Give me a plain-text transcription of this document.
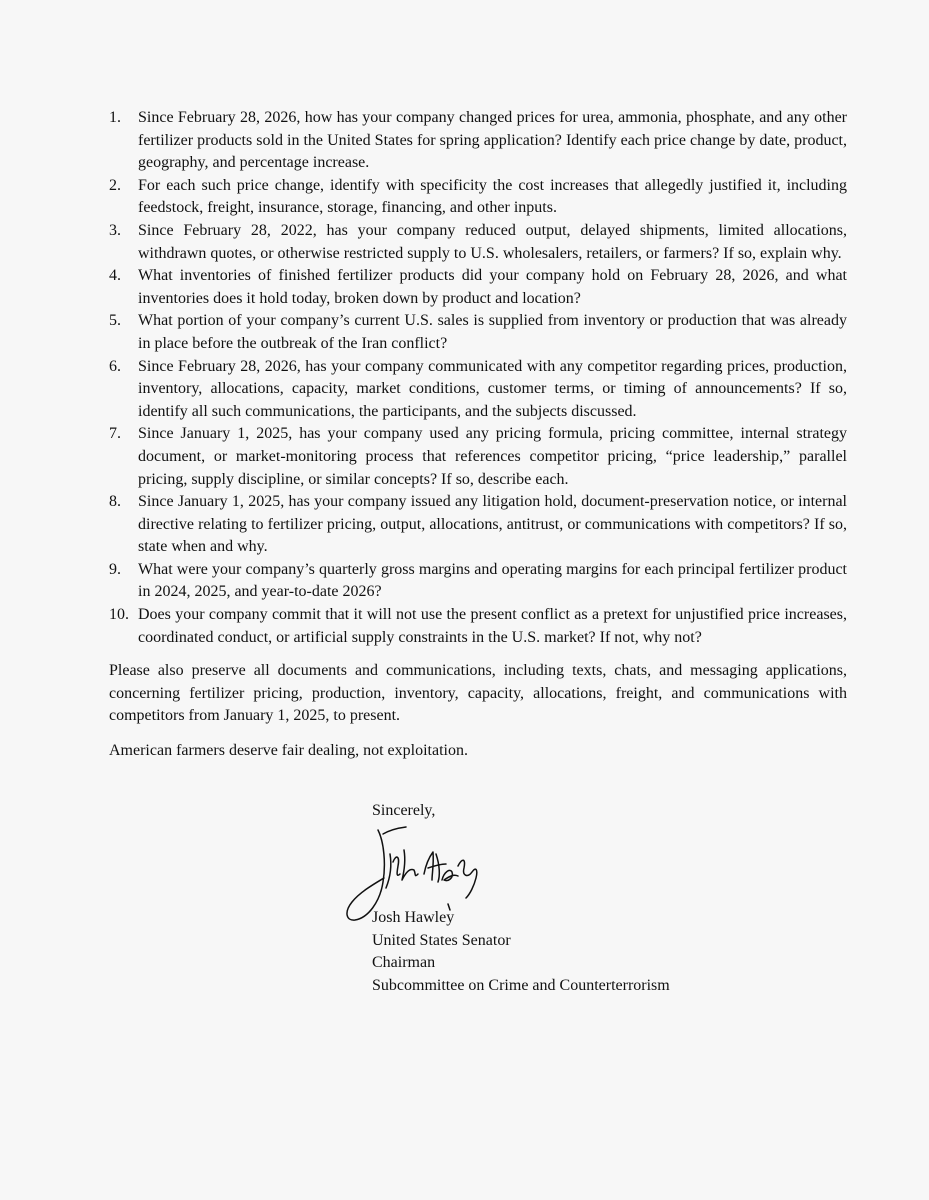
1.	Since February 28, 2026, how has your company changed prices for urea, ammonia, phosphate, and any other fertilizer products sold in the United States for spring application? Identify each price change by date, product, geography, and percentage increase.
2.	For each such price change, identify with specificity the cost increases that allegedly justified it, including feedstock, freight, insurance, storage, financing, and other inputs.
3.	Since February 28, 2022, has your company reduced output, delayed shipments, limited allocations, withdrawn quotes, or otherwise restricted supply to U.S. wholesalers, retailers, or farmers? If so, explain why.
4.	What inventories of finished fertilizer products did your company hold on February 28, 2026, and what inventories does it hold today, broken down by product and location?
5.	What portion of your company’s current U.S. sales is supplied from inventory or production that was already in place before the outbreak of the Iran conflict?
6.	Since February 28, 2026, has your company communicated with any competitor regarding prices, production, inventory, allocations, capacity, market conditions, customer terms, or timing of announcements? If so, identify all such communications, the participants, and the subjects discussed.
7.	Since January 1, 2025, has your company used any pricing formula, pricing committee, internal strategy document, or market-monitoring process that references competitor pricing, “price leadership,” parallel pricing, supply discipline, or similar concepts? If so, describe each.
8.	Since January 1, 2025, has your company issued any litigation hold, document-preservation notice, or internal directive relating to fertilizer pricing, output, allocations, antitrust, or communications with competitors? If so, state when and why.
9.	What were your company’s quarterly gross margins and operating margins for each principal fertilizer product in 2024, 2025, and year-to-date 2026?
10. Does your company commit that it will not use the present conflict as a pretext for unjustified price increases, coordinated conduct, or artificial supply constraints in the U.S. market? If not, why not?

Please also preserve all documents and communications, including texts, chats, and messaging applications, concerning fertilizer pricing, production, inventory, capacity, allocations, freight, and communications with competitors from January 1, 2025, to present.

American farmers deserve fair dealing, not exploitation.

Sincerely,
Josh Hawley
United States Senator
Chairman
Subcommittee on Crime and Counterterrorism
